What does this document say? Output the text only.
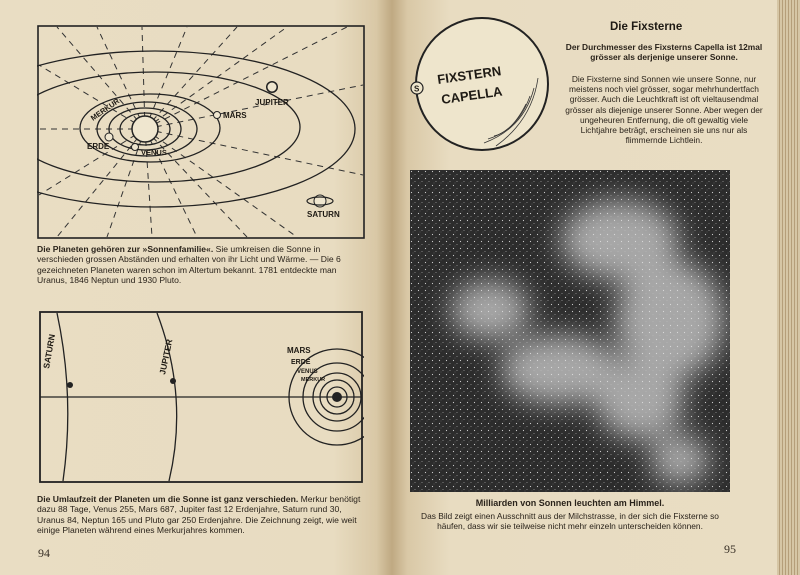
MERKUR
ERDE
VENUS
MARS
JUPITER
SATURN
Die Planeten gehören zur »Sonnenfamilie«. Sie umkreisen die Sonne in verschieden grossen Abständen und erhalten von ihr Licht und Wärme. — Die 6 gezeichneten Planeten waren schon im Altertum bekannt. 1781 entdeckte man Uranus, 1846 Neptun und 1930 Pluto.
SATURN	JUPITER	MARS
ERDE
VENUS
MERKUR
Die Umlaufzeit der Planeten um die Sonne ist ganz verschieden. Merkur benötigt dazu 88 Tage, Venus 255, Mars 687, Jupiter fast 12 Erdenjahre, Saturn rund 30, Uranus 84, Neptun 165 und Pluto gar 250 Erdenjahre. Die Zeichnung zeigt, wie weit einige Planeten während eines Merkurjahres kommen.
94
S
FIXSTERN
CAPELLA
Die Fixsterne
Der Durchmesser des Fixsterns Capella ist 12mal grösser als derjenige unserer Sonne.
Die Fixsterne sind Sonnen wie unsere Sonne, nur meistens noch viel grösser, sogar mehrhundertfach grösser. Auch die Leuchtkraft ist oft vieltausendmal grösser als diejenige unserer Sonne. Aber wegen der ungeheuren Entfernung, die oft gewaltig viele Lichtjahre beträgt, erscheinen sie uns nur als flimmernde Lichtlein.
95
Milliarden von Sonnen leuchten am Himmel.
Das Bild zeigt einen Ausschnitt aus der Milchstrasse, in der sich die Fixsterne so häufen, dass wir sie teilweise nicht mehr einzeln unterscheiden können.
